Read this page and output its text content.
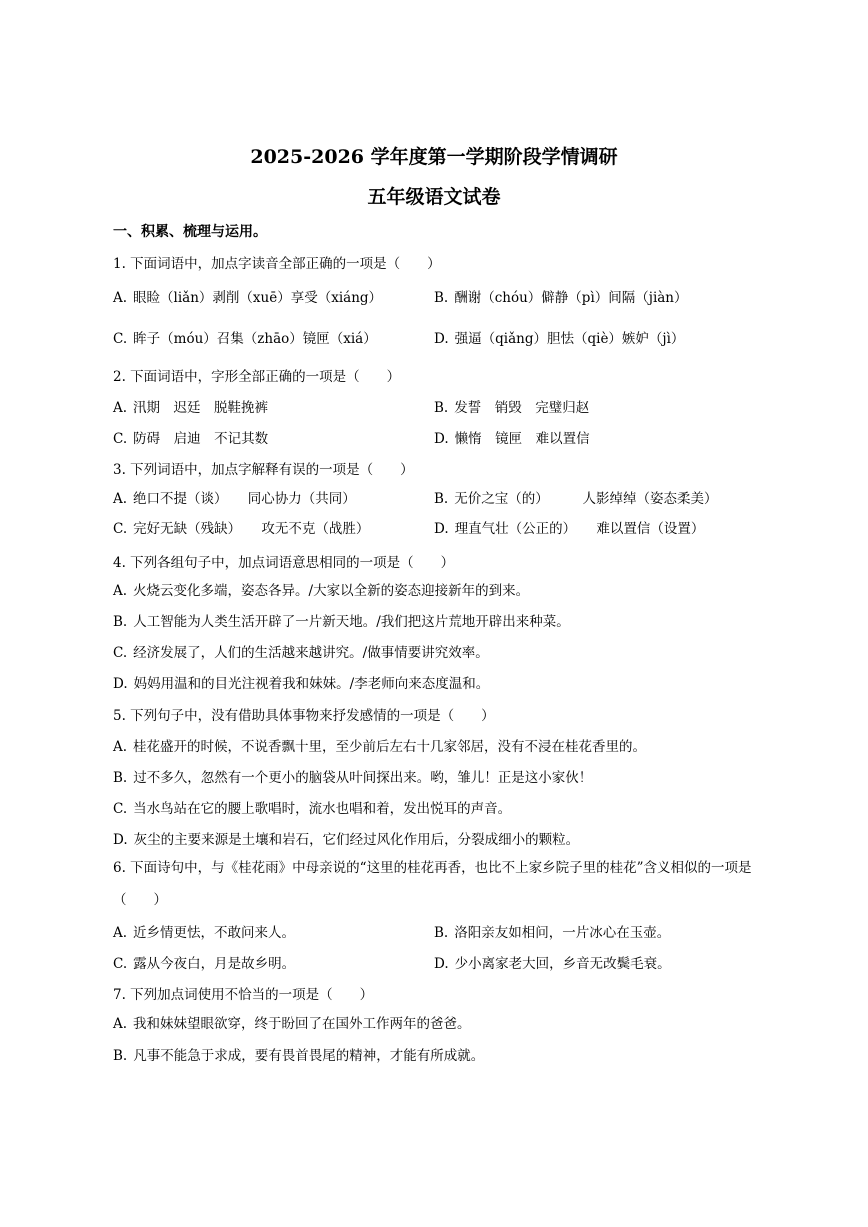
2025-2026 学年度第一学期阶段学情调研
五年级语文试卷
一、积累、梳理与运用。
1. 下面词语中，加点字读音全部正确的一项是（　　）
A. 眼睑（liǎn）剥削（xuē）享受（xiáng）	B. 酬谢（chóu）僻静（pì）间隔（jiàn）
C. 眸子（móu）召集（zhāo）镜匣（xiá）	D. 强逼（qiǎng）胆怯（qiè）嫉妒（jì）
2. 下面词语中，字形全部正确的一项是（　　）
A. 汛期　迟廷　脱鞋挽裤	B. 发誓　销毁　完璧归赵
C. 防碍　启迪　不记其数	D. 懒惰　镜匣　难以置信
3. 下列词语中，加点字解释有误的一项是（　　）
A. 绝口不提（谈）　　同心协力（共同）	B. 无价之宝（的）　　　人影绰绰（姿态柔美）
C. 完好无缺（残缺）　　攻无不克（战胜）	D. 理直气壮（公正的）　　难以置信（设置）
4. 下列各组句子中，加点词语意思相同的一项是（　　）
A. 火烧云变化多端，姿态各异。/大家以全新的姿态迎接新年的到来。
B. 人工智能为人类生活开辟了一片新天地。/我们把这片荒地开辟出来种菜。
C. 经济发展了，人们的生活越来越讲究。/做事情要讲究效率。
D. 妈妈用温和的目光注视着我和妹妹。/李老师向来态度温和。
5. 下列句子中，没有借助具体事物来抒发感情的一项是（　　）
A. 桂花盛开的时候，不说香飘十里，至少前后左右十几家邻居，没有不浸在桂花香里的。
B. 过不多久，忽然有一个更小的脑袋从叶间探出来。哟，雏儿！正是这小家伙！
C. 当水鸟站在它的腰上歌唱时，流水也唱和着，发出悦耳的声音。
D. 灰尘的主要来源是土壤和岩石，它们经过风化作用后，分裂成细小的颗粒。
6. 下面诗句中，与《桂花雨》中母亲说的“这里的桂花再香，也比不上家乡院子里的桂花”含义相似的一项是（　　）
A. 近乡情更怯，不敢问来人。	B. 洛阳亲友如相问，一片冰心在玉壶。
C. 露从今夜白，月是故乡明。	D. 少小离家老大回，乡音无改鬓毛衰。
7. 下列加点词使用不恰当的一项是（　　）
A. 我和妹妹望眼欲穿，终于盼回了在国外工作两年的爸爸。
B. 凡事不能急于求成，要有畏首畏尾的精神，才能有所成就。
